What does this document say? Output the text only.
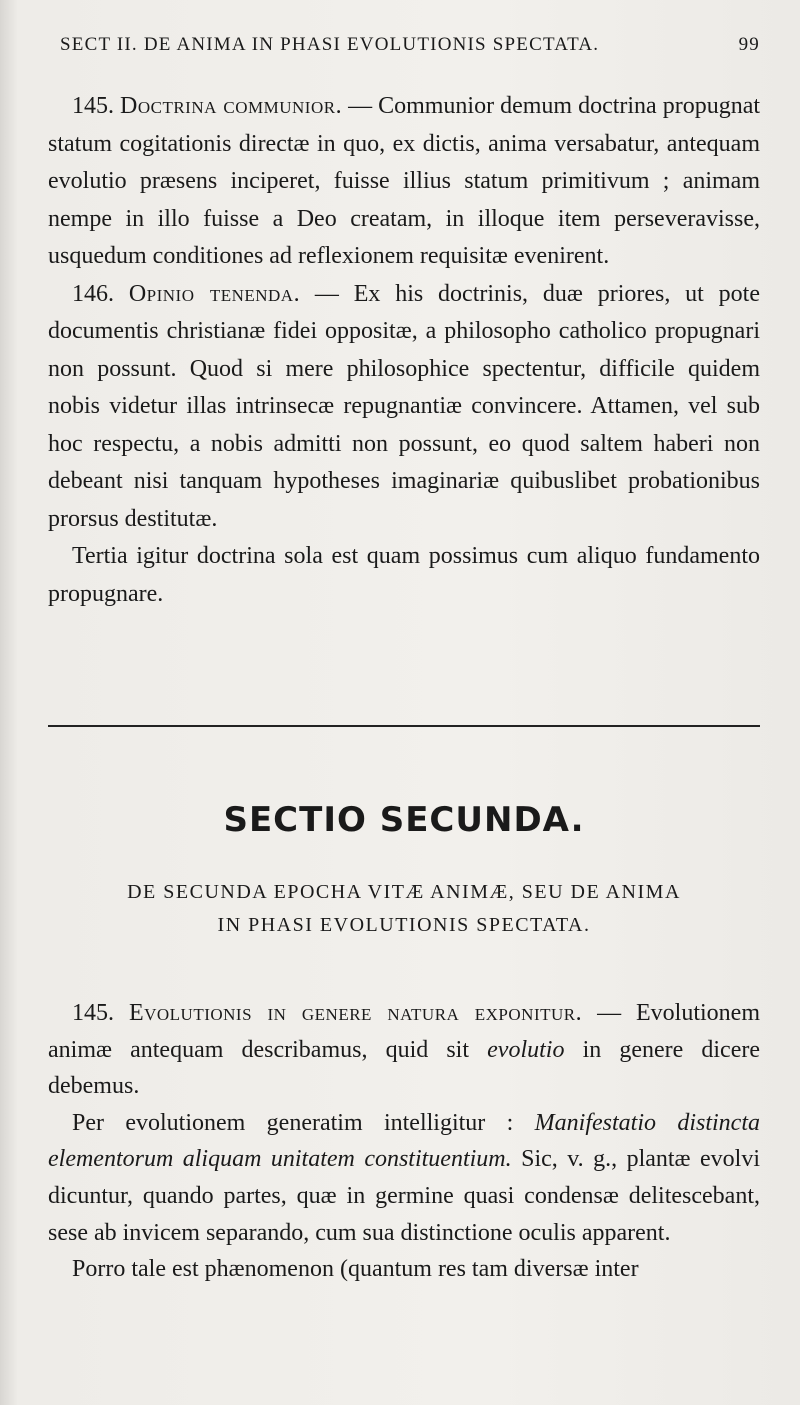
SECT II. DE ANIMA IN PHASI EVOLUTIONIS SPECTATA.	99

145. Doctrina communior. — Communior demum doctrina propugnat statum cogitationis directæ in quo, ex dictis, anima versabatur, antequam evolutio præsens inciperet, fuisse illius statum primitivum ; animam nempe in illo fuisse a Deo creatam, in illoque item perseveravisse, usquedum conditiones ad reflexionem requisitæ evenirent.

146. Opinio tenenda. — Ex his doctrinis, duæ priores, ut pote documentis christianæ fidei oppositæ, a philosopho catholico propugnari non possunt. Quod si mere philosophice spectentur, difficile quidem nobis videtur illas intrinsecæ repugnantiæ convincere. Attamen, vel sub hoc respectu, a nobis admitti non possunt, eo quod saltem haberi non debeant nisi tanquam hypotheses imaginariæ quibuslibet probationibus prorsus destitutæ.

Tertia igitur doctrina sola est quam possimus cum aliquo fundamento propugnare.

SECTIO SECUNDA.
DE SECUNDA EPOCHA VITÆ ANIMÆ, SEU DE ANIMA
IN PHASI EVOLUTIONIS SPECTATA.

145. Evolutionis in genere natura exponitur. — Evolutionem animæ antequam describamus, quid sit evolutio in genere dicere debemus.

Per evolutionem generatim intelligitur : Manifestatio distincta elementorum aliquam unitatem constituentium. Sic, v. g., plantæ evolvi dicuntur, quando partes, quæ in germine quasi condensæ delitescebant, sese ab invicem separando, cum sua distinctione oculis apparent.

Porro tale est phænomenon (quantum res tam diversæ inter
